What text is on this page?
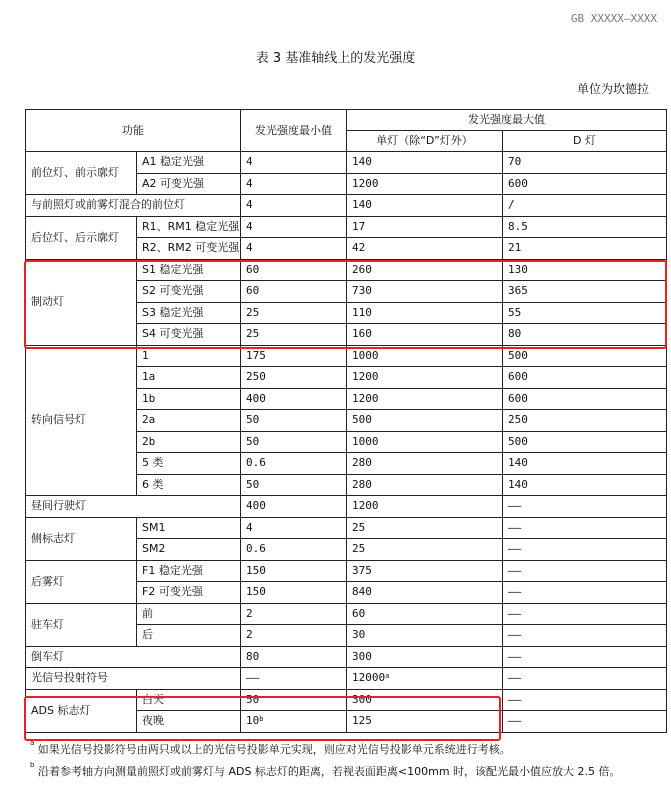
GB XXXXX—XXXX
表 3 基准轴线上的发光强度
单位为坎德拉
功能		发光强度最小值	发光强度最大值	
			单灯（除“D”灯外）	D 灯
前位灯、前示廓灯	A1 稳定光强	4	140	70
	A2 可变光强	4	1200	600
与前照灯或前雾灯混合的前位灯		4	140	/
后位灯、后示廓灯	R1、RM1 稳定光强	4	17	8.5
	R2、RM2 可变光强	4	42	21
制动灯	S1 稳定光强	60	260	130
	S2 可变光强	60	730	365
	S3 稳定光强	25	110	55
	S4 可变光强	25	160	80
转向信号灯	1	175	1000	500
	1a	250	1200	600
	1b	400	1200	600
	2a	50	500	250
	2b	50	1000	500
	5 类	0.6	280	140
	6 类	50	280	140
昼间行驶灯		400	1200	——
侧标志灯	SM1	4	25	——
	SM2	0.6	25	——
后雾灯	F1 稳定光强	150	375	——
	F2 可变光强	150	840	——
驻车灯	前	2	60	——
	后	2	30	——
倒车灯		80	300	——
光信号投射符号		——	12000$^a$	——
ADS 标志灯	白天	50	300	——
	夜晚	10$^b$	125	——
$^a$ 如果光信号投影符号由两只或以上的光信号投影单元实现，则应对光信号投影单元系统进行考核。
$^b$ 沿着参考轴方向测量前照灯或前雾灯与 ADS 标志灯的距离，若视表面距离<100mm 时，该配光最小值应放大 2.5 倍。
